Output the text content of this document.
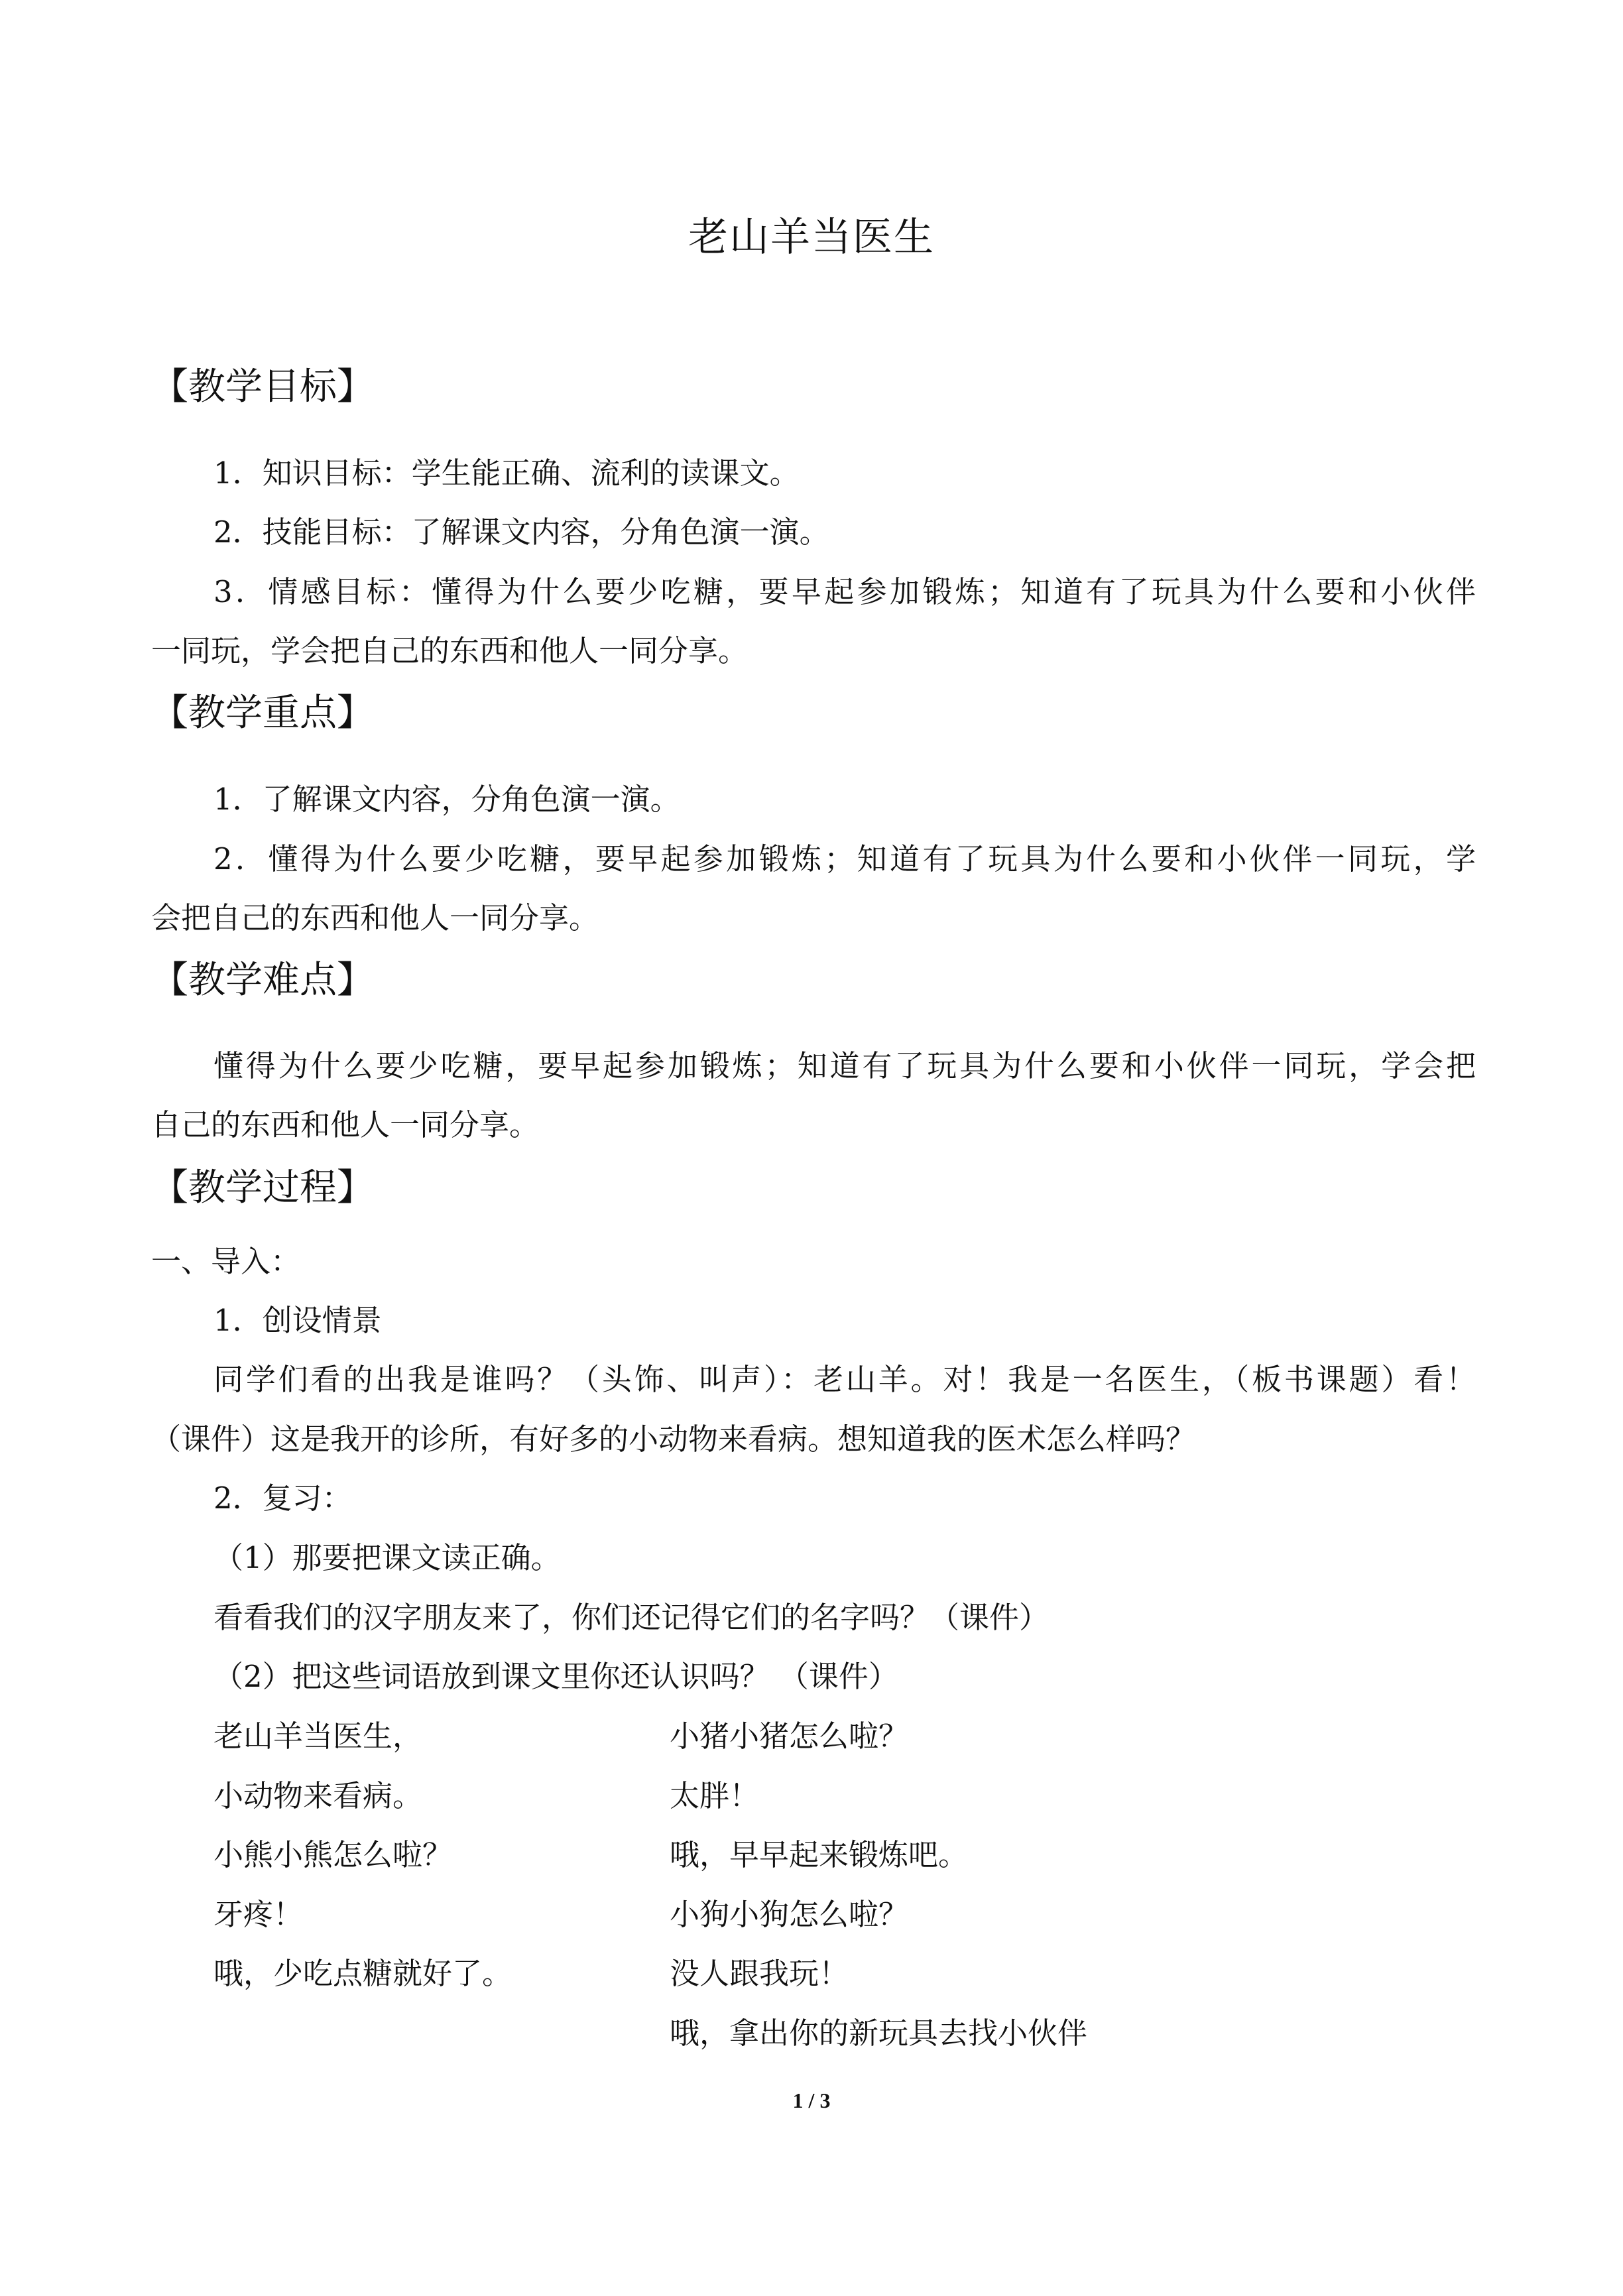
老山羊当医生
【教学目标】
1．知识目标：学生能正确、流利的读课文。
2．技能目标：了解课文内容，分角色演一演。
3．情感目标：懂得为什么要少吃糖，要早起参加锻炼；知道有了玩具为什么要和小伙伴
一同玩，学会把自己的东西和他人一同分享。
【教学重点】
1．了解课文内容，分角色演一演。
2．懂得为什么要少吃糖，要早起参加锻炼；知道有了玩具为什么要和小伙伴一同玩，学
会把自己的东西和他人一同分享。
【教学难点】
懂得为什么要少吃糖，要早起参加锻炼；知道有了玩具为什么要和小伙伴一同玩，学会把
自己的东西和他人一同分享。
【教学过程】
一、导入：
1．创设情景
同学们看的出我是谁吗？（头饰、叫声）：老山羊。对！我是一名医生，（板书课题）看！
（课件）这是我开的诊所，有好多的小动物来看病。想知道我的医术怎么样吗？
2．复习：
（1）那要把课文读正确。
看看我们的汉字朋友来了，你们还记得它们的名字吗？（课件）
（2）把这些词语放到课文里你还认识吗？ （课件）
老山羊当医生，
小动物来看病。
小熊小熊怎么啦？
牙疼！
哦，少吃点糖就好了。
小猪小猪怎么啦？
太胖！
哦，早早起来锻炼吧。
小狗小狗怎么啦？
没人跟我玩！
哦，拿出你的新玩具去找小伙伴
1 / 3
